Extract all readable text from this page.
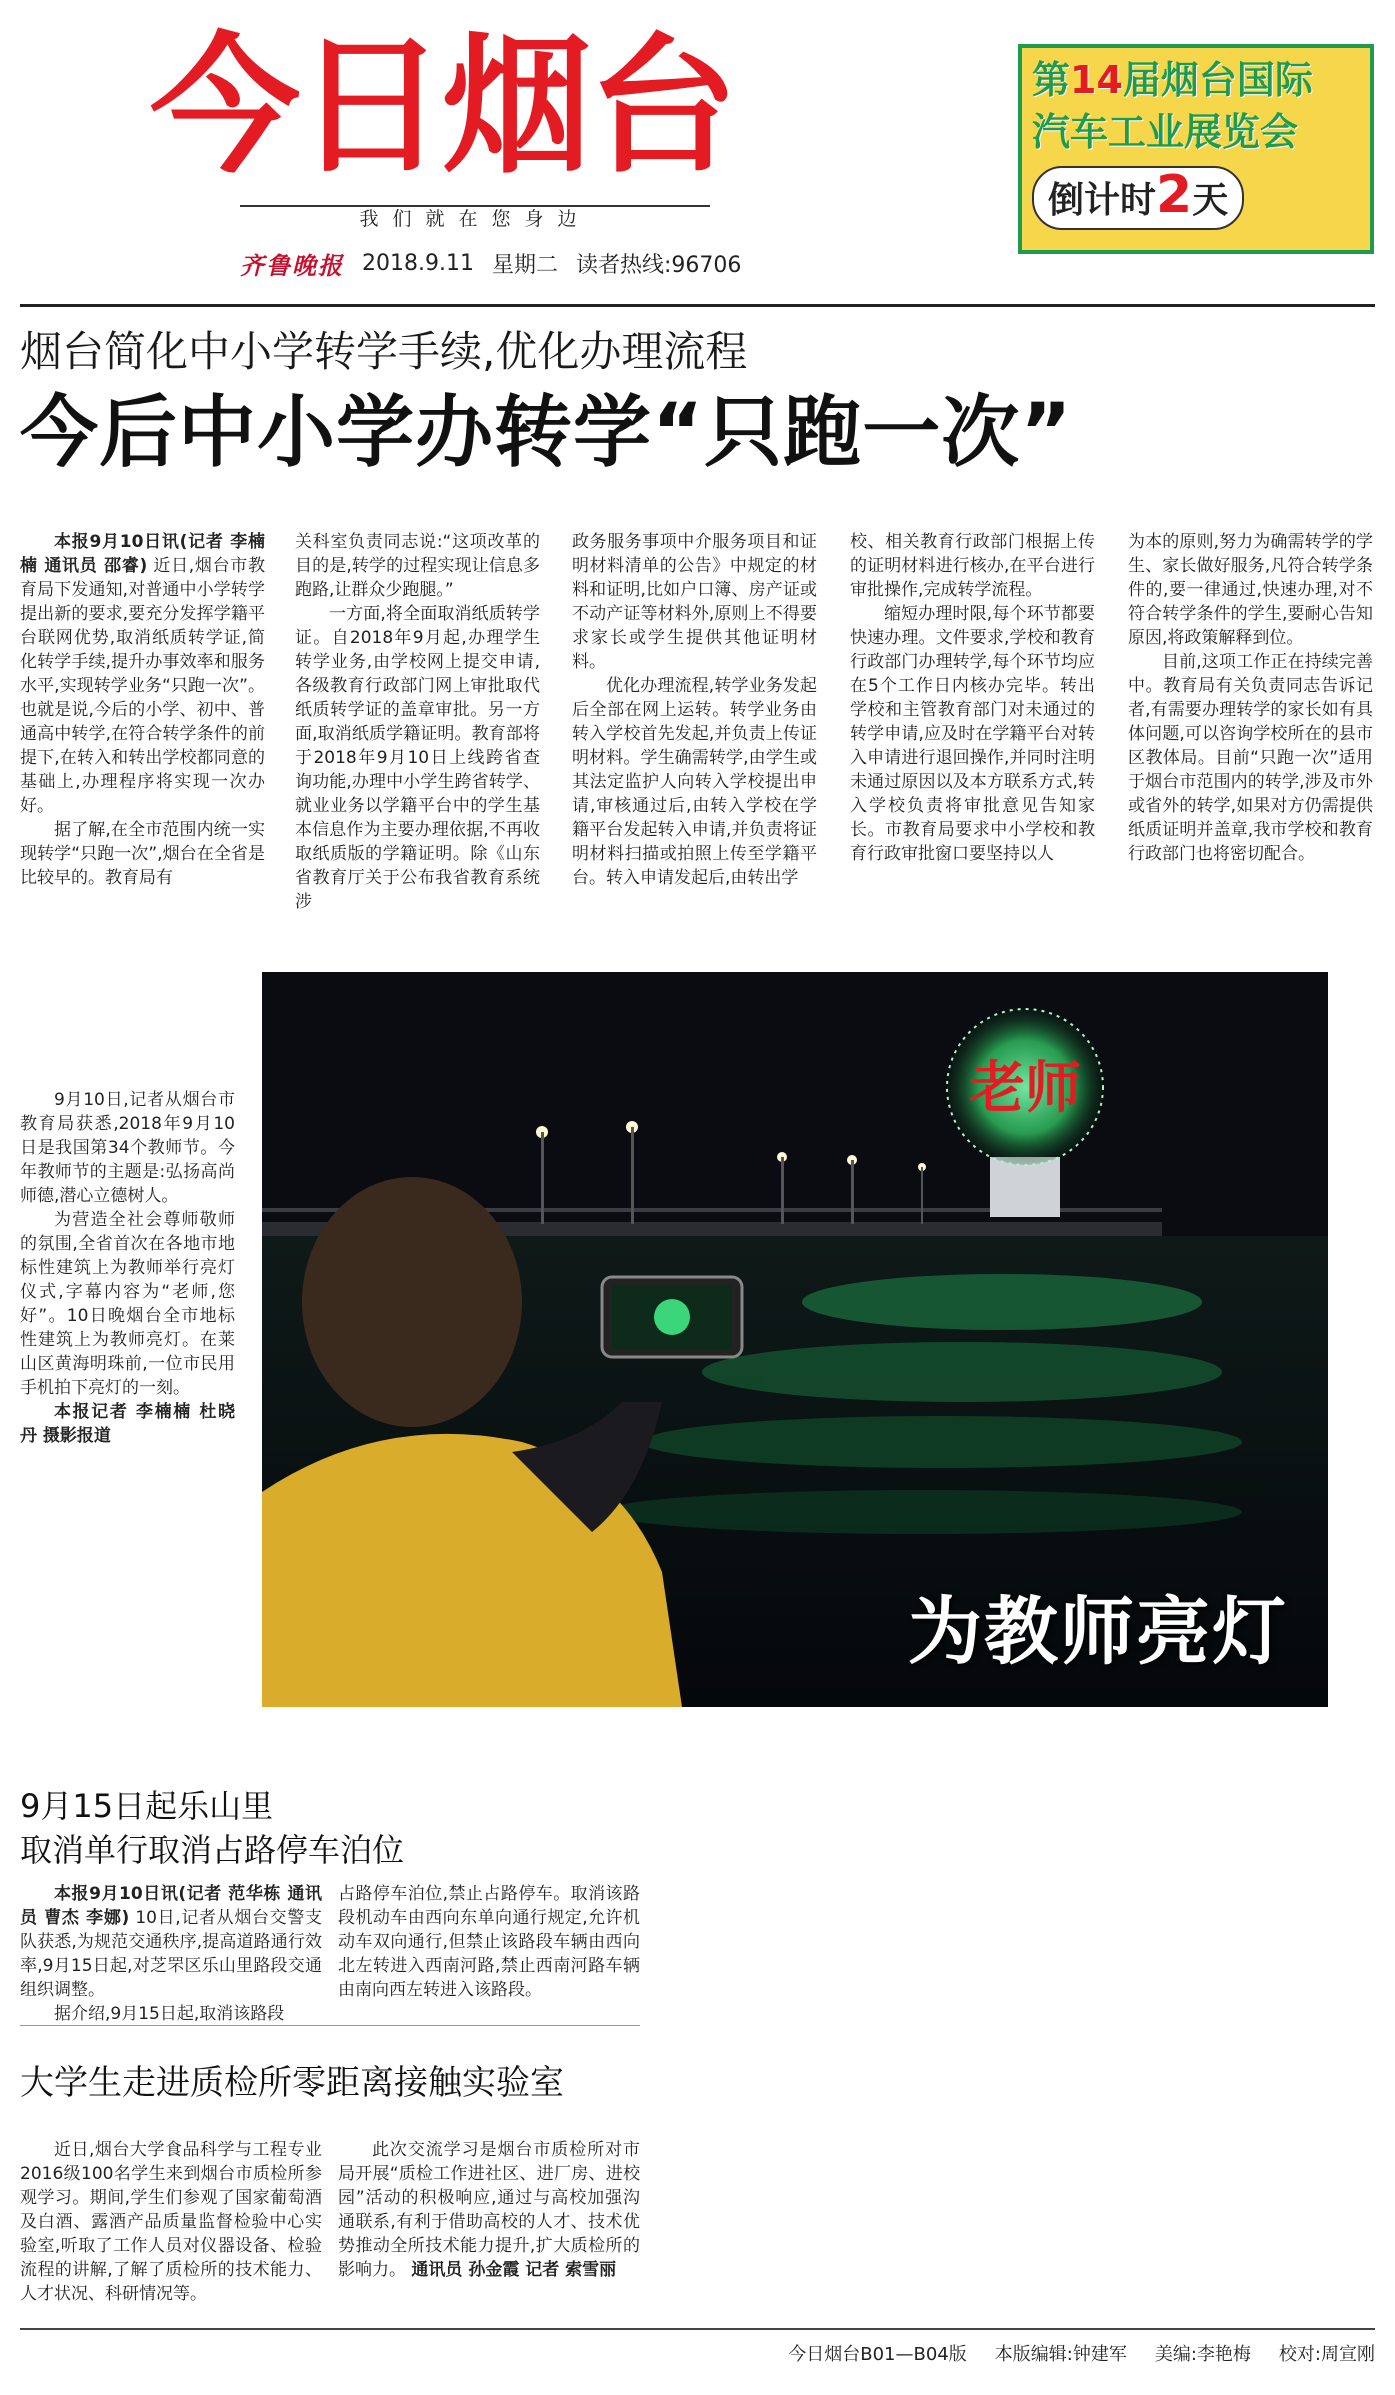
今日烟台
我们就在您身边
齐鲁晚报 2018.9.11 星期二 读者热线:96706
第14届烟台国际
汽车工业展览会
倒计时2天
烟台简化中小学转学手续,优化办理流程
今后中小学办转学“只跑一次”

本报9月10日讯(记者 李楠楠 通讯员 邵睿) 近日,烟台市教育局下发通知,对普通中小学转学提出新的要求,要充分发挥学籍平台联网优势,取消纸质转学证,简化转学手续,提升办事效率和服务水平,实现转学业务“只跑一次”。也就是说,今后的小学、初中、普通高中转学,在符合转学条件的前提下,在转入和转出学校都同意的基础上,办理程序将实现一次办好。

据了解,在全市范围内统一实现转学“只跑一次”,烟台在全省是比较早的。教育局有

关科室负责同志说:“这项改革的目的是,转学的过程实现让信息多跑路,让群众少跑腿。”

一方面,将全面取消纸质转学证。自2018年9月起,办理学生转学业务,由学校网上提交申请,各级教育行政部门网上审批取代纸质转学证的盖章审批。另一方面,取消纸质学籍证明。教育部将于2018年9月10日上线跨省查询功能,办理中小学生跨省转学、就业业务以学籍平台中的学生基本信息作为主要办理依据,不再收取纸质版的学籍证明。除《山东省教育厅关于公布我省教育系统涉

政务服务事项中介服务项目和证明材料清单的公告》中规定的材料和证明,比如户口簿、房产证或不动产证等材料外,原则上不得要求家长或学生提供其他证明材料。

优化办理流程,转学业务发起后全部在网上运转。转学业务由转入学校首先发起,并负责上传证明材料。学生确需转学,由学生或其法定监护人向转入学校提出申请,审核通过后,由转入学校在学籍平台发起转入申请,并负责将证明材料扫描或拍照上传至学籍平台。转入申请发起后,由转出学

校、相关教育行政部门根据上传的证明材料进行核办,在平台进行审批操作,完成转学流程。

缩短办理时限,每个环节都要快速办理。文件要求,学校和教育行政部门办理转学,每个环节均应在5个工作日内核办完毕。转出学校和主管教育部门对未通过的转学申请,应及时在学籍平台对转入申请进行退回操作,并同时注明未通过原因以及本方联系方式,转入学校负责将审批意见告知家长。市教育局要求中小学校和教育行政审批窗口要坚持以人

为本的原则,努力为确需转学的学生、家长做好服务,凡符合转学条件的,要一律通过,快速办理,对不符合转学条件的学生,要耐心告知原因,将政策解释到位。

目前,这项工作正在持续完善中。教育局有关负责同志告诉记者,有需要办理转学的家长如有具体问题,可以咨询学校所在的县市区教体局。目前“只跑一次”适用于烟台市范围内的转学,涉及市外或省外的转学,如果对方仍需提供纸质证明并盖章,我市学校和教育行政部门也将密切配合。

9月10日,记者从烟台市教育局获悉,2018年9月10日是我国第34个教师节。今年教师节的主题是:弘扬高尚师德,潜心立德树人。

为营造全社会尊师敬师的氛围,全省首次在各地市地标性建筑上为教师举行亮灯仪式,字幕内容为“老师,您好”。10日晚烟台全市地标性建筑上为教师亮灯。在莱山区黄海明珠前,一位市民用手机拍下亮灯的一刻。

本报记者 李楠楠 杜晓丹 摄影报道

老师
为教师亮灯
9月15日起乐山里
取消单行取消占路停车泊位

本报9月10日讯(记者 范华栋 通讯员 曹杰 李娜) 10日,记者从烟台交警支队获悉,为规范交通秩序,提高道路通行效率,9月15日起,对芝罘区乐山里路段交通组织调整。

据介绍,9月15日起,取消该路段

占路停车泊位,禁止占路停车。取消该路段机动车由西向东单向通行规定,允许机动车双向通行,但禁止该路段车辆由西向北左转进入西南河路,禁止西南河路车辆由南向西左转进入该路段。

大学生走进质检所零距离接触实验室

近日,烟台大学食品科学与工程专业2016级100名学生来到烟台市质检所参观学习。期间,学生们参观了国家葡萄酒及白酒、露酒产品质量监督检验中心实验室,听取了工作人员对仪器设备、检验流程的讲解,了解了质检所的技术能力、人才状况、科研情况等。

此次交流学习是烟台市质检所对市局开展“质检工作进社区、进厂房、进校园”活动的积极响应,通过与高校加强沟通联系,有利于借助高校的人才、技术优势推动全所技术能力提升,扩大质检所的影响力。 通讯员 孙金霞 记者 索雪丽

今日烟台B01—B04版 本版编辑:钟建军 美编:李艳梅 校对:周宣刚
